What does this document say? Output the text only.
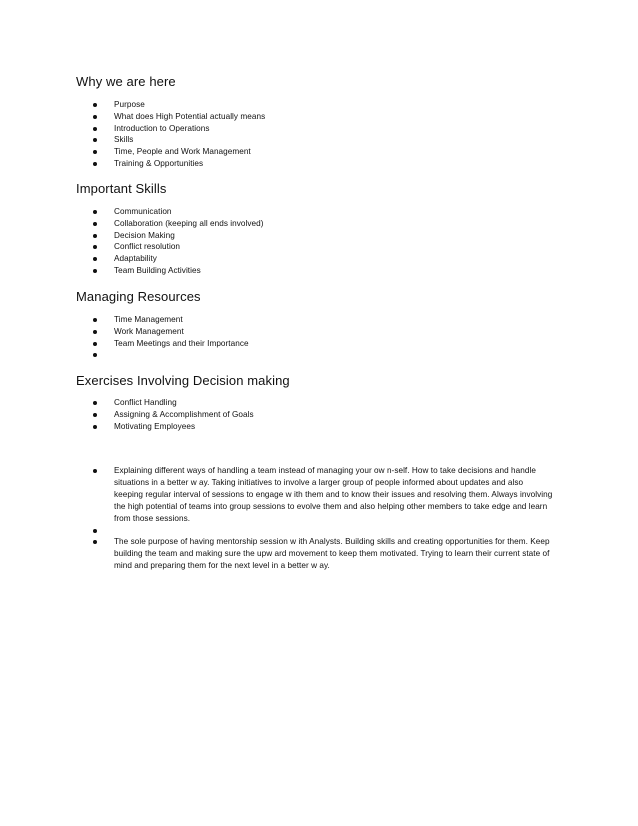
Why we are here
Purpose
What does High Potential actually means
Introduction to Operations
Skills
Time, People and Work Management
Training & Opportunities
Important Skills
Communication
Collaboration (keeping all ends involved)
Decision Making
Conflict resolution
Adaptability
Team Building Activities
Managing Resources
Time Management
Work Management
Team Meetings and their Importance
Exercises Involving Decision making
Conflict Handling
Assigning & Accomplishment of Goals
Motivating Employees
Explaining different ways of handling a team instead of managing your ow n-self. How to take decisions and handle situations in a better w ay. Taking initiatives to involve a larger group of people informed about updates and also keeping regular interval of sessions to engage w ith them and to know their issues and resolving them. Always involving the high potential of teams into group sessions to evolve them and also helping other members to take edge and learn from those sessions.
The sole purpose of having mentorship session w ith Analysts. Building skills and creating opportunities for them. Keep building the team and making sure the upw ard movement to keep them motivated. Trying to learn their current state of mind and preparing them for the next level in a better w ay.
